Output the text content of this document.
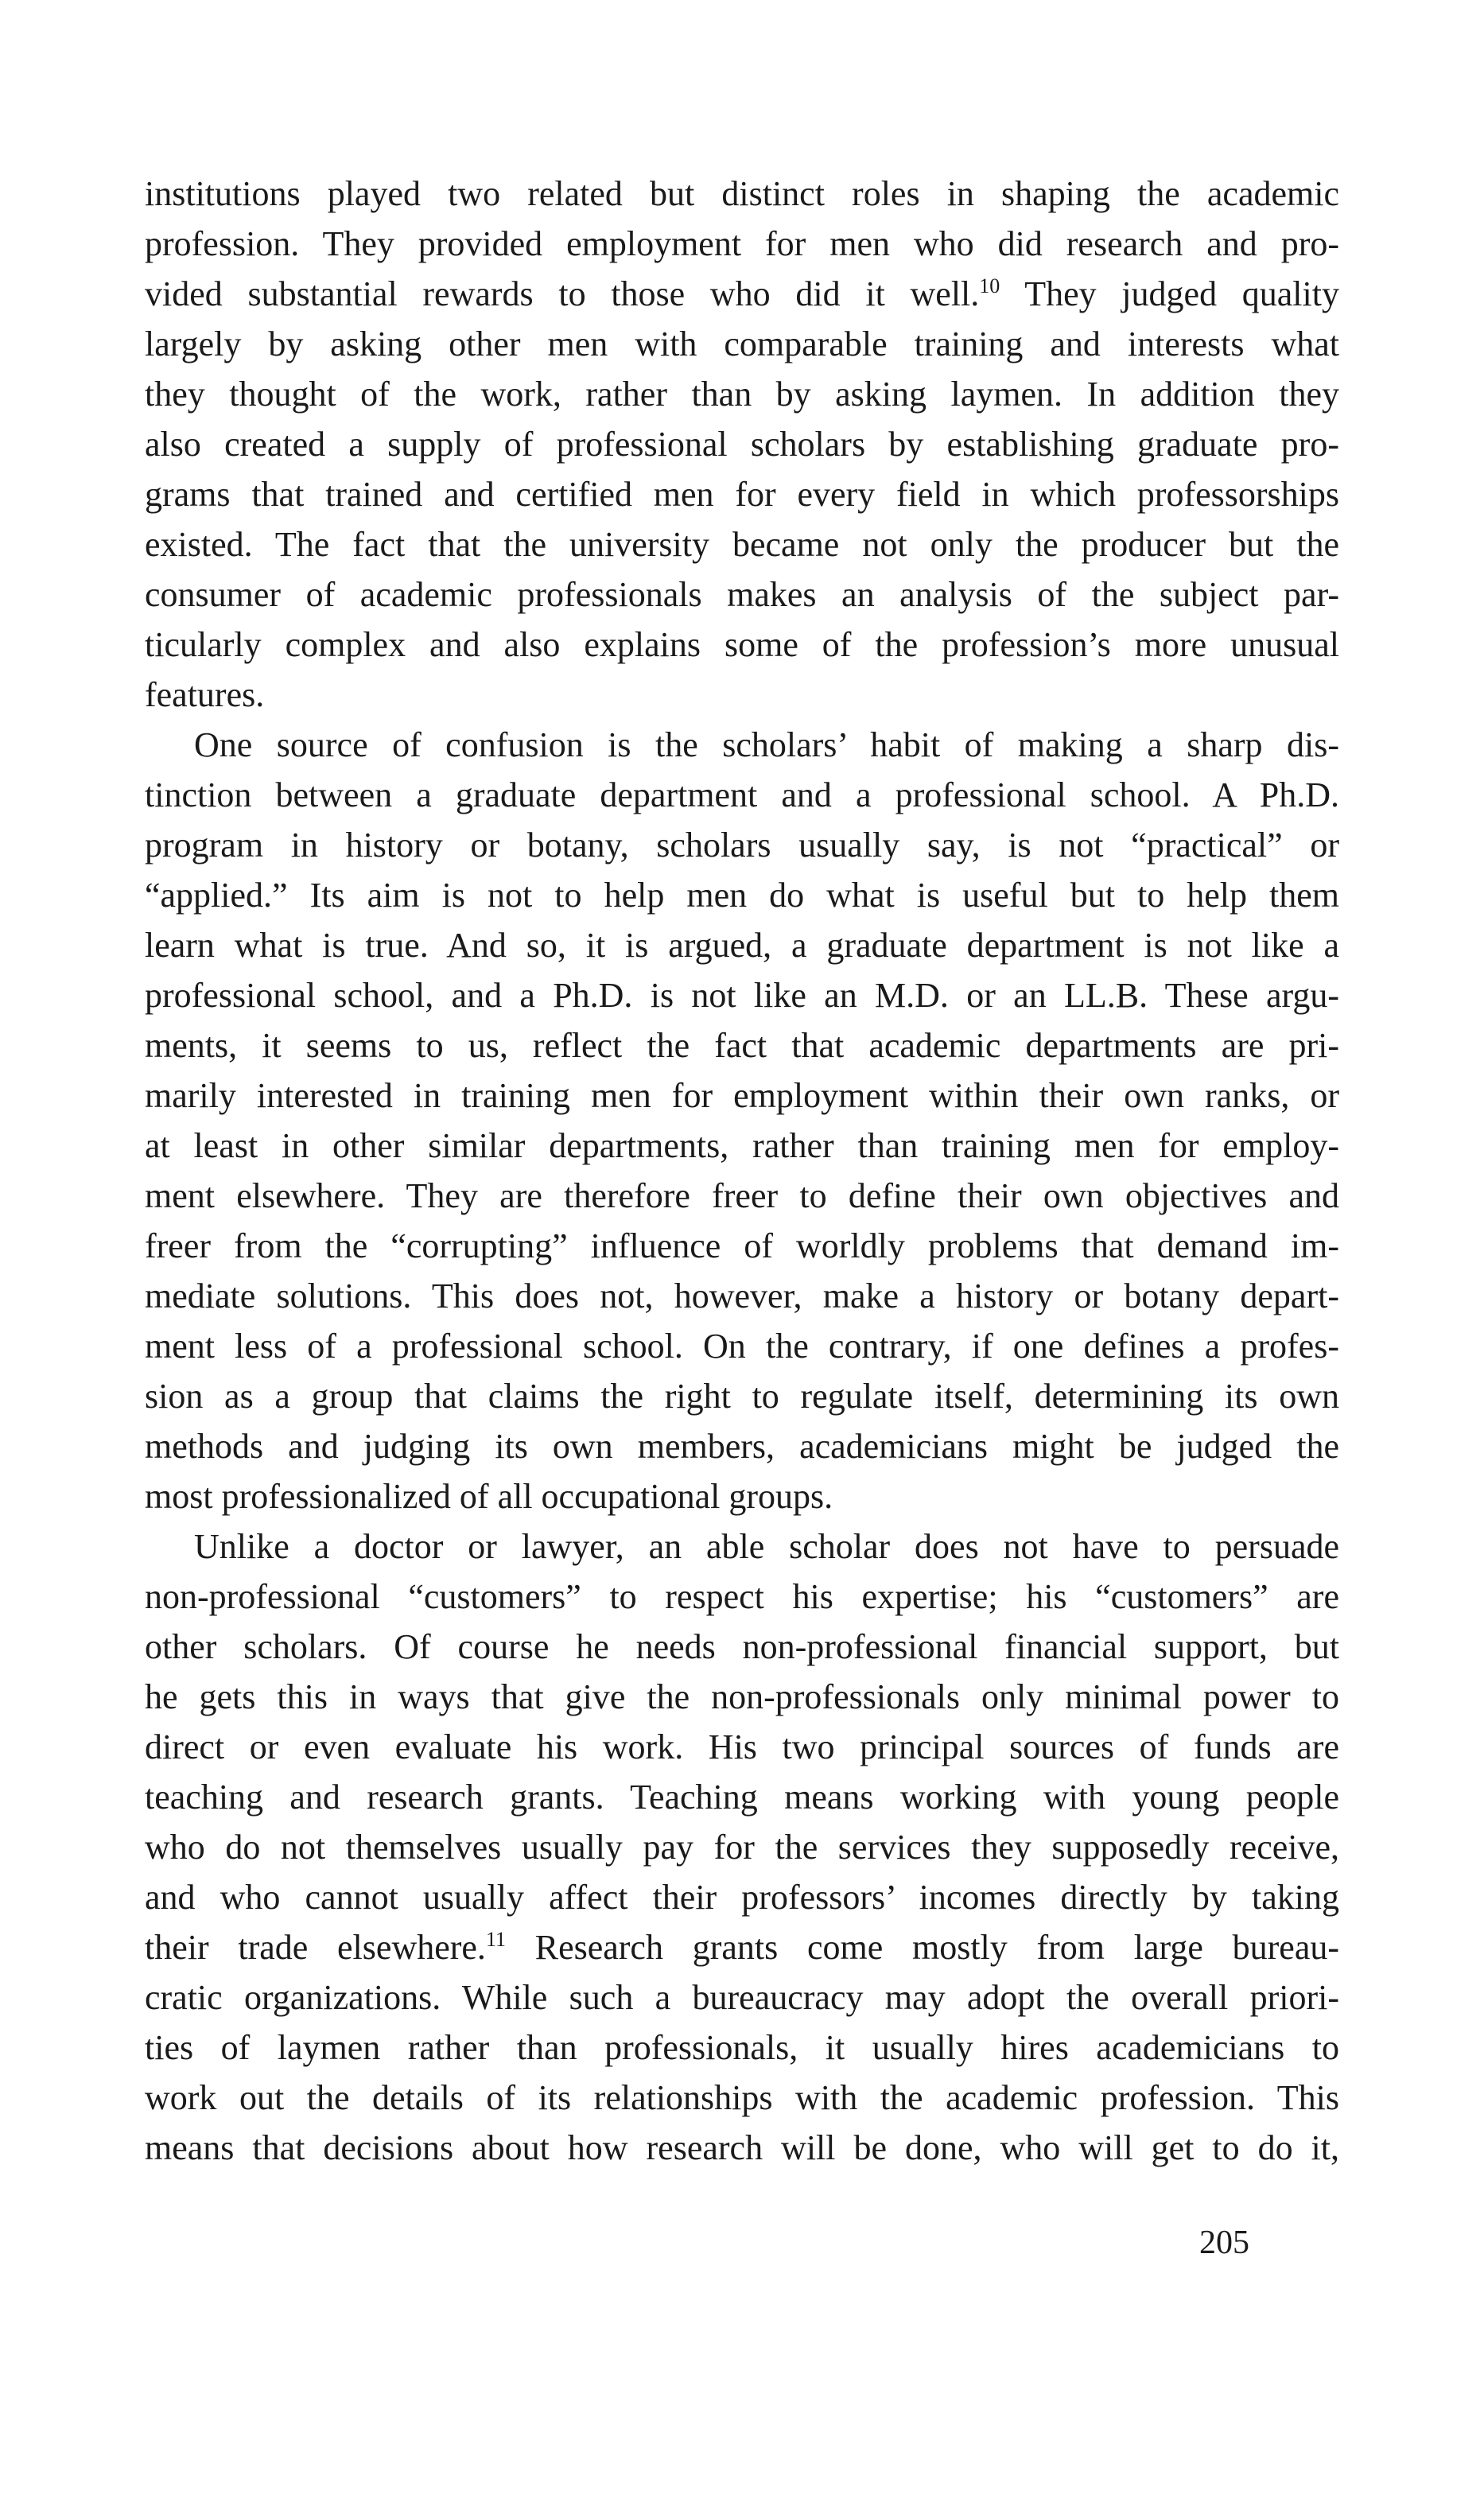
institutions played two related but distinct roles in shaping the academic
profession. They provided employment for men who did research and pro-
vided substantial rewards to those who did it well.$^{10}$ They judged quality
largely by asking other men with comparable training and interests what
they thought of the work, rather than by asking laymen. In addition they
also created a supply of professional scholars by establishing graduate pro-
grams that trained and certified men for every field in which professorships
existed. The fact that the university became not only the producer but the
consumer of academic professionals makes an analysis of the subject par-
ticularly complex and also explains some of the profession’s more unusual
features.
One source of confusion is the scholars’ habit of making a sharp dis-
tinction between a graduate department and a professional school. A Ph.D.
program in history or botany, scholars usually say, is not “practical” or
“applied.” Its aim is not to help men do what is useful but to help them
learn what is true. And so, it is argued, a graduate department is not like a
professional school, and a Ph.D. is not like an M.D. or an LL.B. These argu-
ments, it seems to us, reflect the fact that academic departments are pri-
marily interested in training men for employment within their own ranks, or
at least in other similar departments, rather than training men for employ-
ment elsewhere. They are therefore freer to define their own objectives and
freer from the “corrupting” influence of worldly problems that demand im-
mediate solutions. This does not, however, make a history or botany depart-
ment less of a professional school. On the contrary, if one defines a profes-
sion as a group that claims the right to regulate itself, determining its own
methods and judging its own members, academicians might be judged the
most professionalized of all occupational groups.
Unlike a doctor or lawyer, an able scholar does not have to persuade
non-professional “customers” to respect his expertise; his “customers” are
other scholars. Of course he needs non-professional financial support, but
he gets this in ways that give the non-professionals only minimal power to
direct or even evaluate his work. His two principal sources of funds are
teaching and research grants. Teaching means working with young people
who do not themselves usually pay for the services they supposedly receive,
and who cannot usually affect their professors’ incomes directly by taking
their trade elsewhere.$^{11}$ Research grants come mostly from large bureau-
cratic organizations. While such a bureaucracy may adopt the overall priori-
ties of laymen rather than professionals, it usually hires academicians to
work out the details of its relationships with the academic profession. This
means that decisions about how research will be done, who will get to do it,
205
